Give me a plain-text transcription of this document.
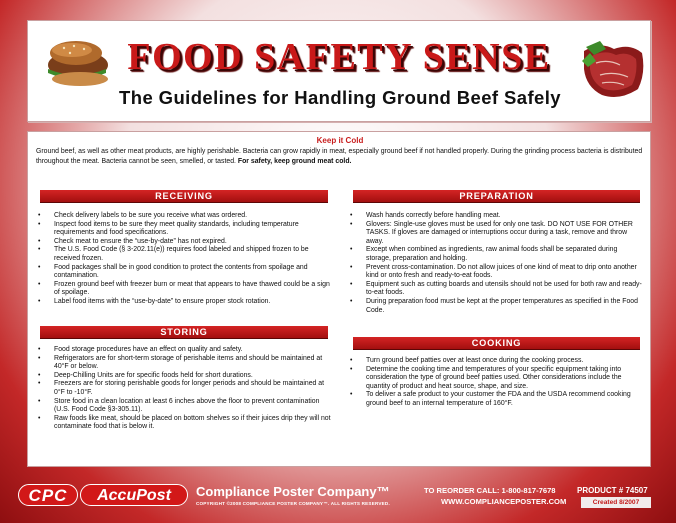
FOOD SAFETY SENSE
The Guidelines for Handling Ground Beef Safely
Keep it Cold
Ground beef, as well as other meat products, are highly perishable. Bacteria can grow rapidly in meat, especially ground beef if not handled properly. During the grinding process bacteria is distributed throughout the meat. Bacteria cannot be seen, smelled, or tasted. For safety, keep ground meat cold.
RECEIVING
• Check delivery labels to be sure you receive what was ordered.
• Inspect food items to be sure they meet quality standards, including temperature requirements and food specifications.
• Check meat to ensure the “use-by-date” has not expired.
• The U.S. Food Code (§ 3-202.11(e)) requires food labeled and shipped frozen to be received frozen.
• Food packages shall be in good condition to protect the contents from spoilage and contamination.
• Frozen ground beef with freezer burn or meat that appears to have thawed could be a sign of spoilage.
• Label food items with the “use-by-date” to ensure proper stock rotation.
STORING
• Food storage procedures have an effect on quality and safety.
• Refrigerators are for short-term storage of perishable items and should be maintained at 40°F or below.
• Deep-Chilling Units are for specific foods held for short durations.
• Freezers are for storing perishable goods for longer periods and should be maintained at 0°F to -10°F.
• Store food in a clean location at least 6 inches above the floor to prevent contamination (U.S. Food Code §3-305.11).
• Raw foods like meat, should be placed on bottom shelves so if their juices drip they will not contaminate food that is below it.
PREPARATION
• Wash hands correctly before handling meat.
• Glovers: Single-use gloves must be used for only one task. DO NOT USE FOR OTHER TASKS. If gloves are damaged or interruptions occur during a task, remove and throw away.
• Except when combined as ingredients, raw animal foods shall be separated during storage, preparation and holding.
• Prevent cross-contamination. Do not allow juices of one kind of meat to drip onto another kind or onto fresh and ready-to-eat foods.
• Equipment such as cutting boards and utensils should not be used for both raw and ready-to-eat foods.
• During preparation food must be kept at the proper temperatures as specified in the Food Code.
COOKING
• Turn ground beef patties over at least once during the cooking process.
• Determine the cooking time and temperatures of your specific equipment taking into consideration the type of ground beef patties used. Other considerations include the quantity of product and heat source, shape, and size.
• To deliver a safe product to your customer the FDA and the USDA recommend cooking ground beef to an internal temperature of 160°F.
CPC	AccuPost	Compliance Poster Company™
COPYRIGHT ©2008 COMPLIANCE POSTER COMPANY™. ALL RIGHTS RESERVED.
TO REORDER CALL: 1-800-817-7678
WWW.COMPLIANCEPOSTER.COM
PRODUCT # 74507
Created 8/2007
